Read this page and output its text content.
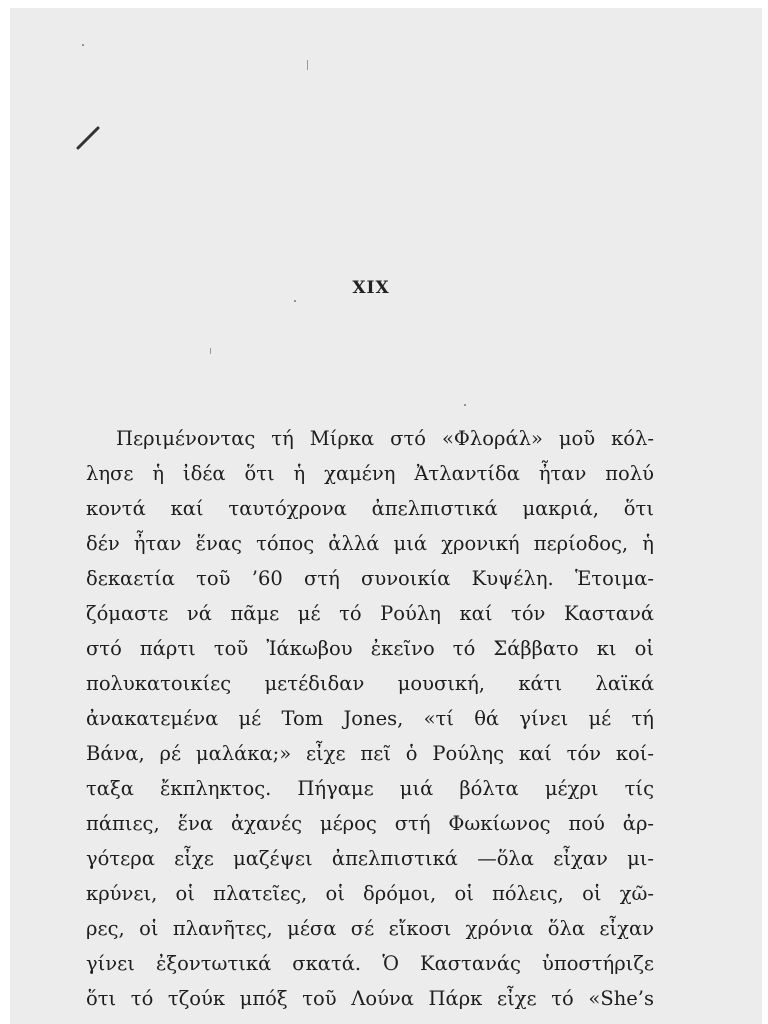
XIX
Περιμένοντας τή Μίρκα στό «Φλοράλ» μοῦ κόλ-
λησε ἡ ἰδέα ὅτι ἡ χαμένη Ἀτλαντίδα ἦταν πολύ
κοντά καί ταυτόχρονα ἀπελπιστικά μακριά, ὅτι
δέν ἦταν ἕνας τόπος ἀλλά μιά χρονική περίοδος, ἡ
δεκαετία τοῦ ’60 στή συνοικία Κυψέλη. Ἑτοιμα-
ζόμαστε νά πᾶμε μέ τό Ρούλη καί τόν Καστανά
στό πάρτι τοῦ Ἰάκωβου ἐκεῖνο τό Σάββατο κι οἱ
πολυκατοικίες μετέδιδαν μουσική, κάτι λαϊκά
ἀνακατεμένα μέ Tom Jones, «τί θά γίνει μέ τή
Βάνα, ρέ μαλάκα;» εἶχε πεῖ ὁ Ρούλης καί τόν κοί-
ταξα ἔκπληκτος. Πήγαμε μιά βόλτα μέχρι τίς
πάπιες, ἕνα ἀχανές μέρος στή Φωκίωνος πού ἀρ-
γότερα εἶχε μαζέψει ἀπελπιστικά —ὅλα εἶχαν μι-
κρύνει, οἱ πλατεῖες, οἱ δρόμοι, οἱ πόλεις, οἱ χῶ-
ρες, οἱ πλανῆτες, μέσα σέ εἴκοσι χρόνια ὅλα εἶχαν
γίνει ἐξοντωτικά σκατά. Ὁ Καστανάς ὑποστήριζε
ὅτι τό τζούκ μπόξ τοῦ Λούνα Πάρκ εἶχε τό «She’s
